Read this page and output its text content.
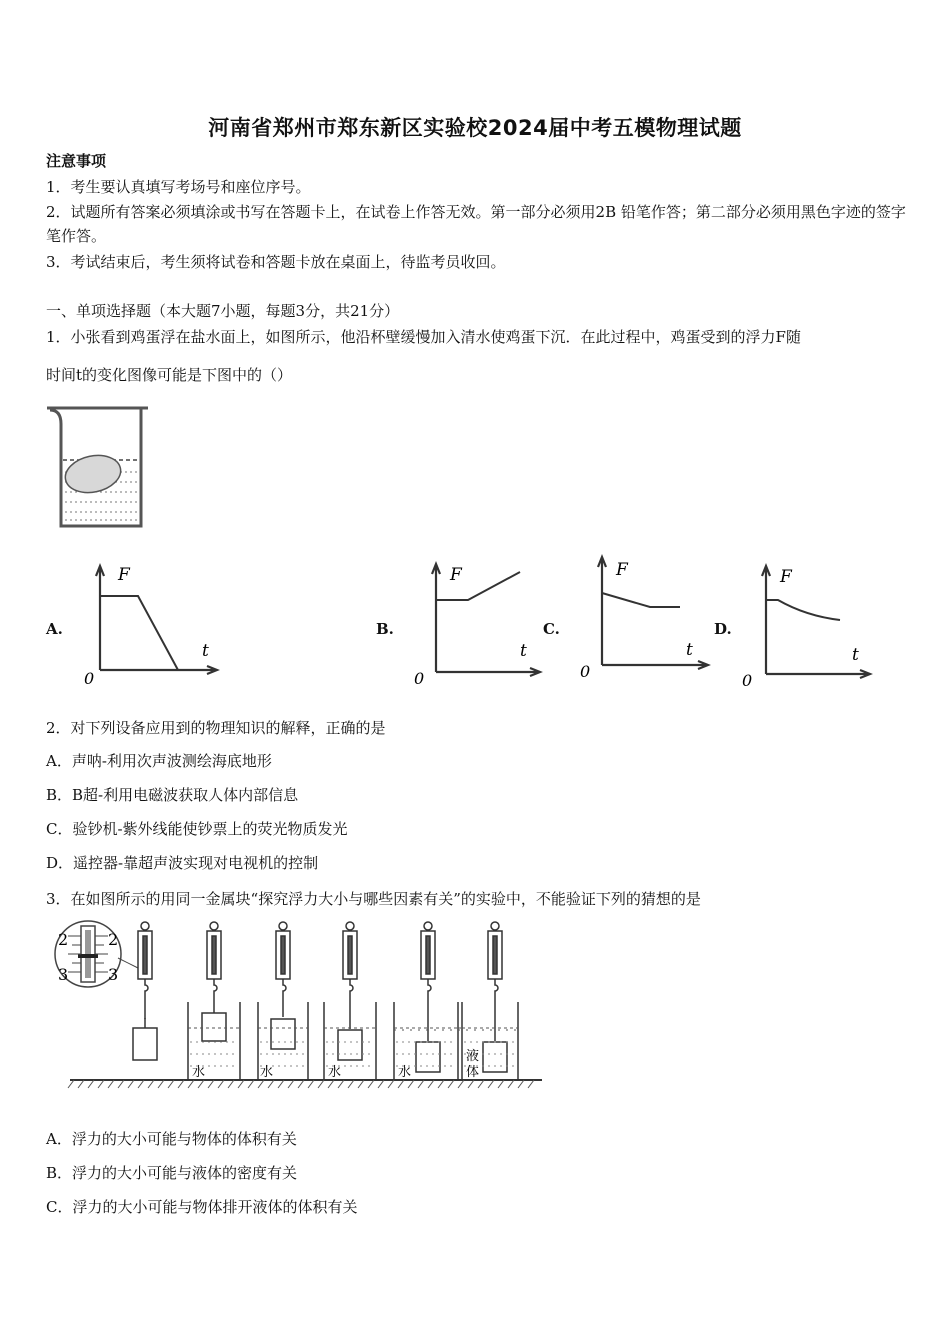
河南省郑州市郑东新区实验校2024届中考五模物理试题
注意事项
1．考生要认真填写考场号和座位序号。
2．试题所有答案必须填涂或书写在答题卡上，在试卷上作答无效。第一部分必须用2B 铅笔作答；第二部分必须用黑色字迹的签字笔作答。
3．考试结束后，考生须将试卷和答题卡放在桌面上，待监考员收回。
一、单项选择题（本大题7小题，每题3分，共21分）
1．小张看到鸡蛋浮在盐水面上，如图所示，他沿杯壁缓慢加入清水使鸡蛋下沉．在此过程中，鸡蛋受到的浮力F随
时间t的变化图像可能是下图中的（）
A.
F
t
0
B.
F
t
0
C.
F
t
0
D.
F
t
0
2．对下列设备应用到的物理知识的解释，正确的是
A．声呐-利用次声波测绘海底地形
B．B超-利用电磁波获取人体内部信息
C．验钞机-紫外线能使钞票上的荧光物质发光
D．遥控器-靠超声波实现对电视机的控制
3．在如图所示的用同一金属块“探究浮力大小与哪些因素有关”的实验中，不能验证下列的猜想的是
2
3
2
3
水	水	水	水
液
体
A．浮力的大小可能与物体的体积有关
B．浮力的大小可能与液体的密度有关
C．浮力的大小可能与物体排开液体的体积有关
